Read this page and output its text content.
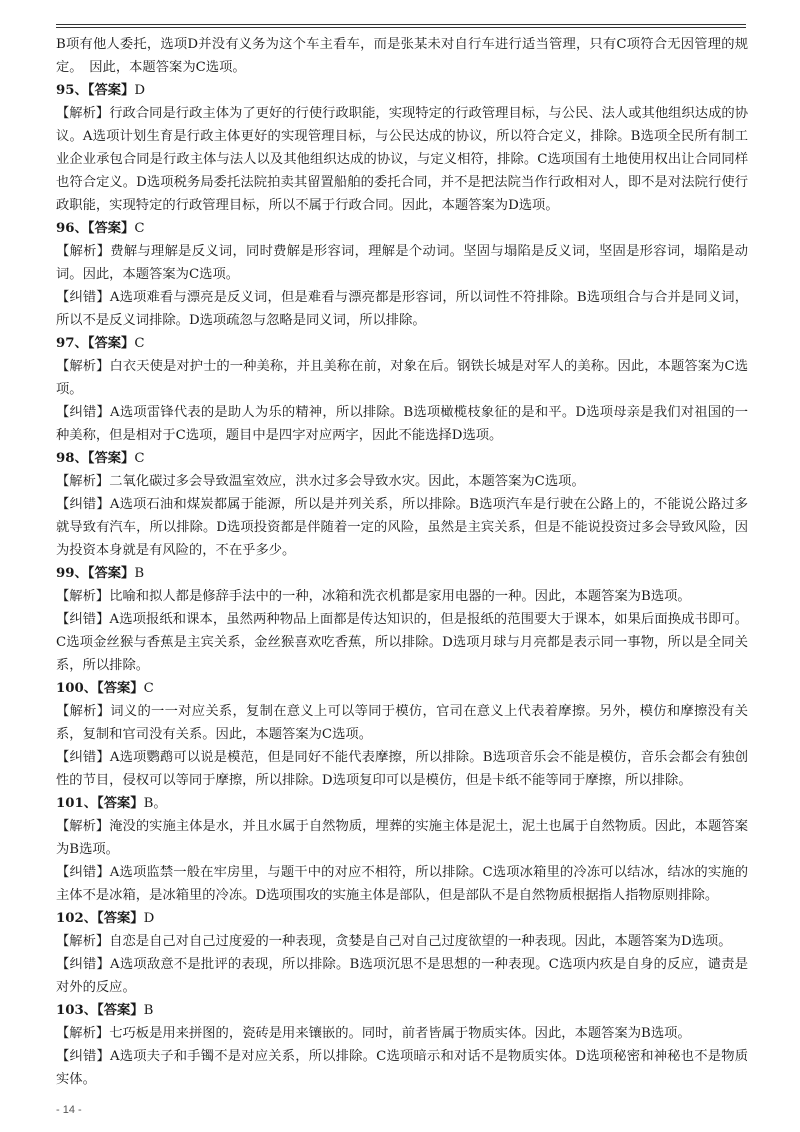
B项有他人委托，选项D并没有义务为这个车主看车，而是张某未对自行车进行适当管理，只有C项符合无因管理的规定。　因此，本题答案为C选项。

95、【答案】D

【解析】行政合同是行政主体为了更好的行使行政职能，实现特定的行政管理目标，与公民、法人或其他组织达成的协议。A选项计划生育是行政主体更好的实现管理目标，与公民达成的协议，所以符合定义，排除。B选项全民所有制工业企业承包合同是行政主体与法人以及其他组织达成的协议，与定义相符，排除。C选项国有土地使用权出让合同同样也符合定义。D选项税务局委托法院拍卖其留置船舶的委托合同，并不是把法院当作行政相对人，即不是对法院行使行政职能，实现特定的行政管理目标，所以不属于行政合同。因此，本题答案为D选项。

96、【答案】C

【解析】费解与理解是反义词，同时费解是形容词，理解是个动词。坚固与塌陷是反义词，坚固是形容词，塌陷是动词。因此，本题答案为C选项。

【纠错】A选项难看与漂亮是反义词，但是难看与漂亮都是形容词，所以词性不符排除。B选项组合与合并是同义词，所以不是反义词排除。D选项疏忽与忽略是同义词，所以排除。

97、【答案】C

【解析】白衣天使是对护士的一种美称，并且美称在前，对象在后。钢铁长城是对军人的美称。因此，本题答案为C选项。

【纠错】A选项雷锋代表的是助人为乐的精神，所以排除。B选项橄榄枝象征的是和平。D选项母亲是我们对祖国的一种美称，但是相对于C选项，题目中是四字对应两字，因此不能选择D选项。

98、【答案】C

【解析】二氧化碳过多会导致温室效应，洪水过多会导致水灾。因此，本题答案为C选项。

【纠错】A选项石油和煤炭都属于能源，所以是并列关系，所以排除。B选项汽车是行驶在公路上的，不能说公路过多就导致有汽车，所以排除。D选项投资都是伴随着一定的风险，虽然是主宾关系，但是不能说投资过多会导致风险，因为投资本身就是有风险的，不在乎多少。

99、【答案】B

【解析】比喻和拟人都是修辞手法中的一种，冰箱和洗衣机都是家用电器的一种。因此，本题答案为B选项。

【纠错】A选项报纸和课本，虽然两种物品上面都是传达知识的，但是报纸的范围要大于课本，如果后面换成书即可。C选项金丝猴与香蕉是主宾关系，金丝猴喜欢吃香蕉，所以排除。D选项月球与月亮都是表示同一事物，所以是全同关系，所以排除。

100、【答案】C

【解析】词义的一一对应关系，复制在意义上可以等同于模仿，官司在意义上代表着摩擦。另外，模仿和摩擦没有关系，复制和官司没有关系。因此，本题答案为C选项。

【纠错】A选项鹦鹉可以说是模范，但是同好不能代表摩擦，所以排除。B选项音乐会不能是模仿，音乐会都会有独创性的节目，侵权可以等同于摩擦，所以排除。D选项复印可以是模仿，但是卡纸不能等同于摩擦，所以排除。

101、【答案】B。

【解析】淹没的实施主体是水，并且水属于自然物质，埋葬的实施主体是泥土，泥土也属于自然物质。因此，本题答案为B选项。

【纠错】A选项监禁一般在牢房里，与题干中的对应不相符，所以排除。C选项冰箱里的冷冻可以结冰，结冰的实施的主体不是冰箱，是冰箱里的冷冻。D选项围攻的实施主体是部队，但是部队不是自然物质根据指人指物原则排除。

102、【答案】D

【解析】自恋是自己对自己过度爱的一种表现，贪婪是自己对自己过度欲望的一种表现。因此，本题答案为D选项。

【纠错】A选项敌意不是批评的表现，所以排除。B选项沉思不是思想的一种表现。C选项内疚是自身的反应，谴责是对外的反应。

103、【答案】B

【解析】七巧板是用来拼图的，瓷砖是用来镶嵌的。同时，前者皆属于物质实体。因此，本题答案为B选项。

【纠错】A选项夫子和手镯不是对应关系，所以排除。C选项暗示和对话不是物质实体。D选项秘密和神秘也不是物质实体。

- 14 -
